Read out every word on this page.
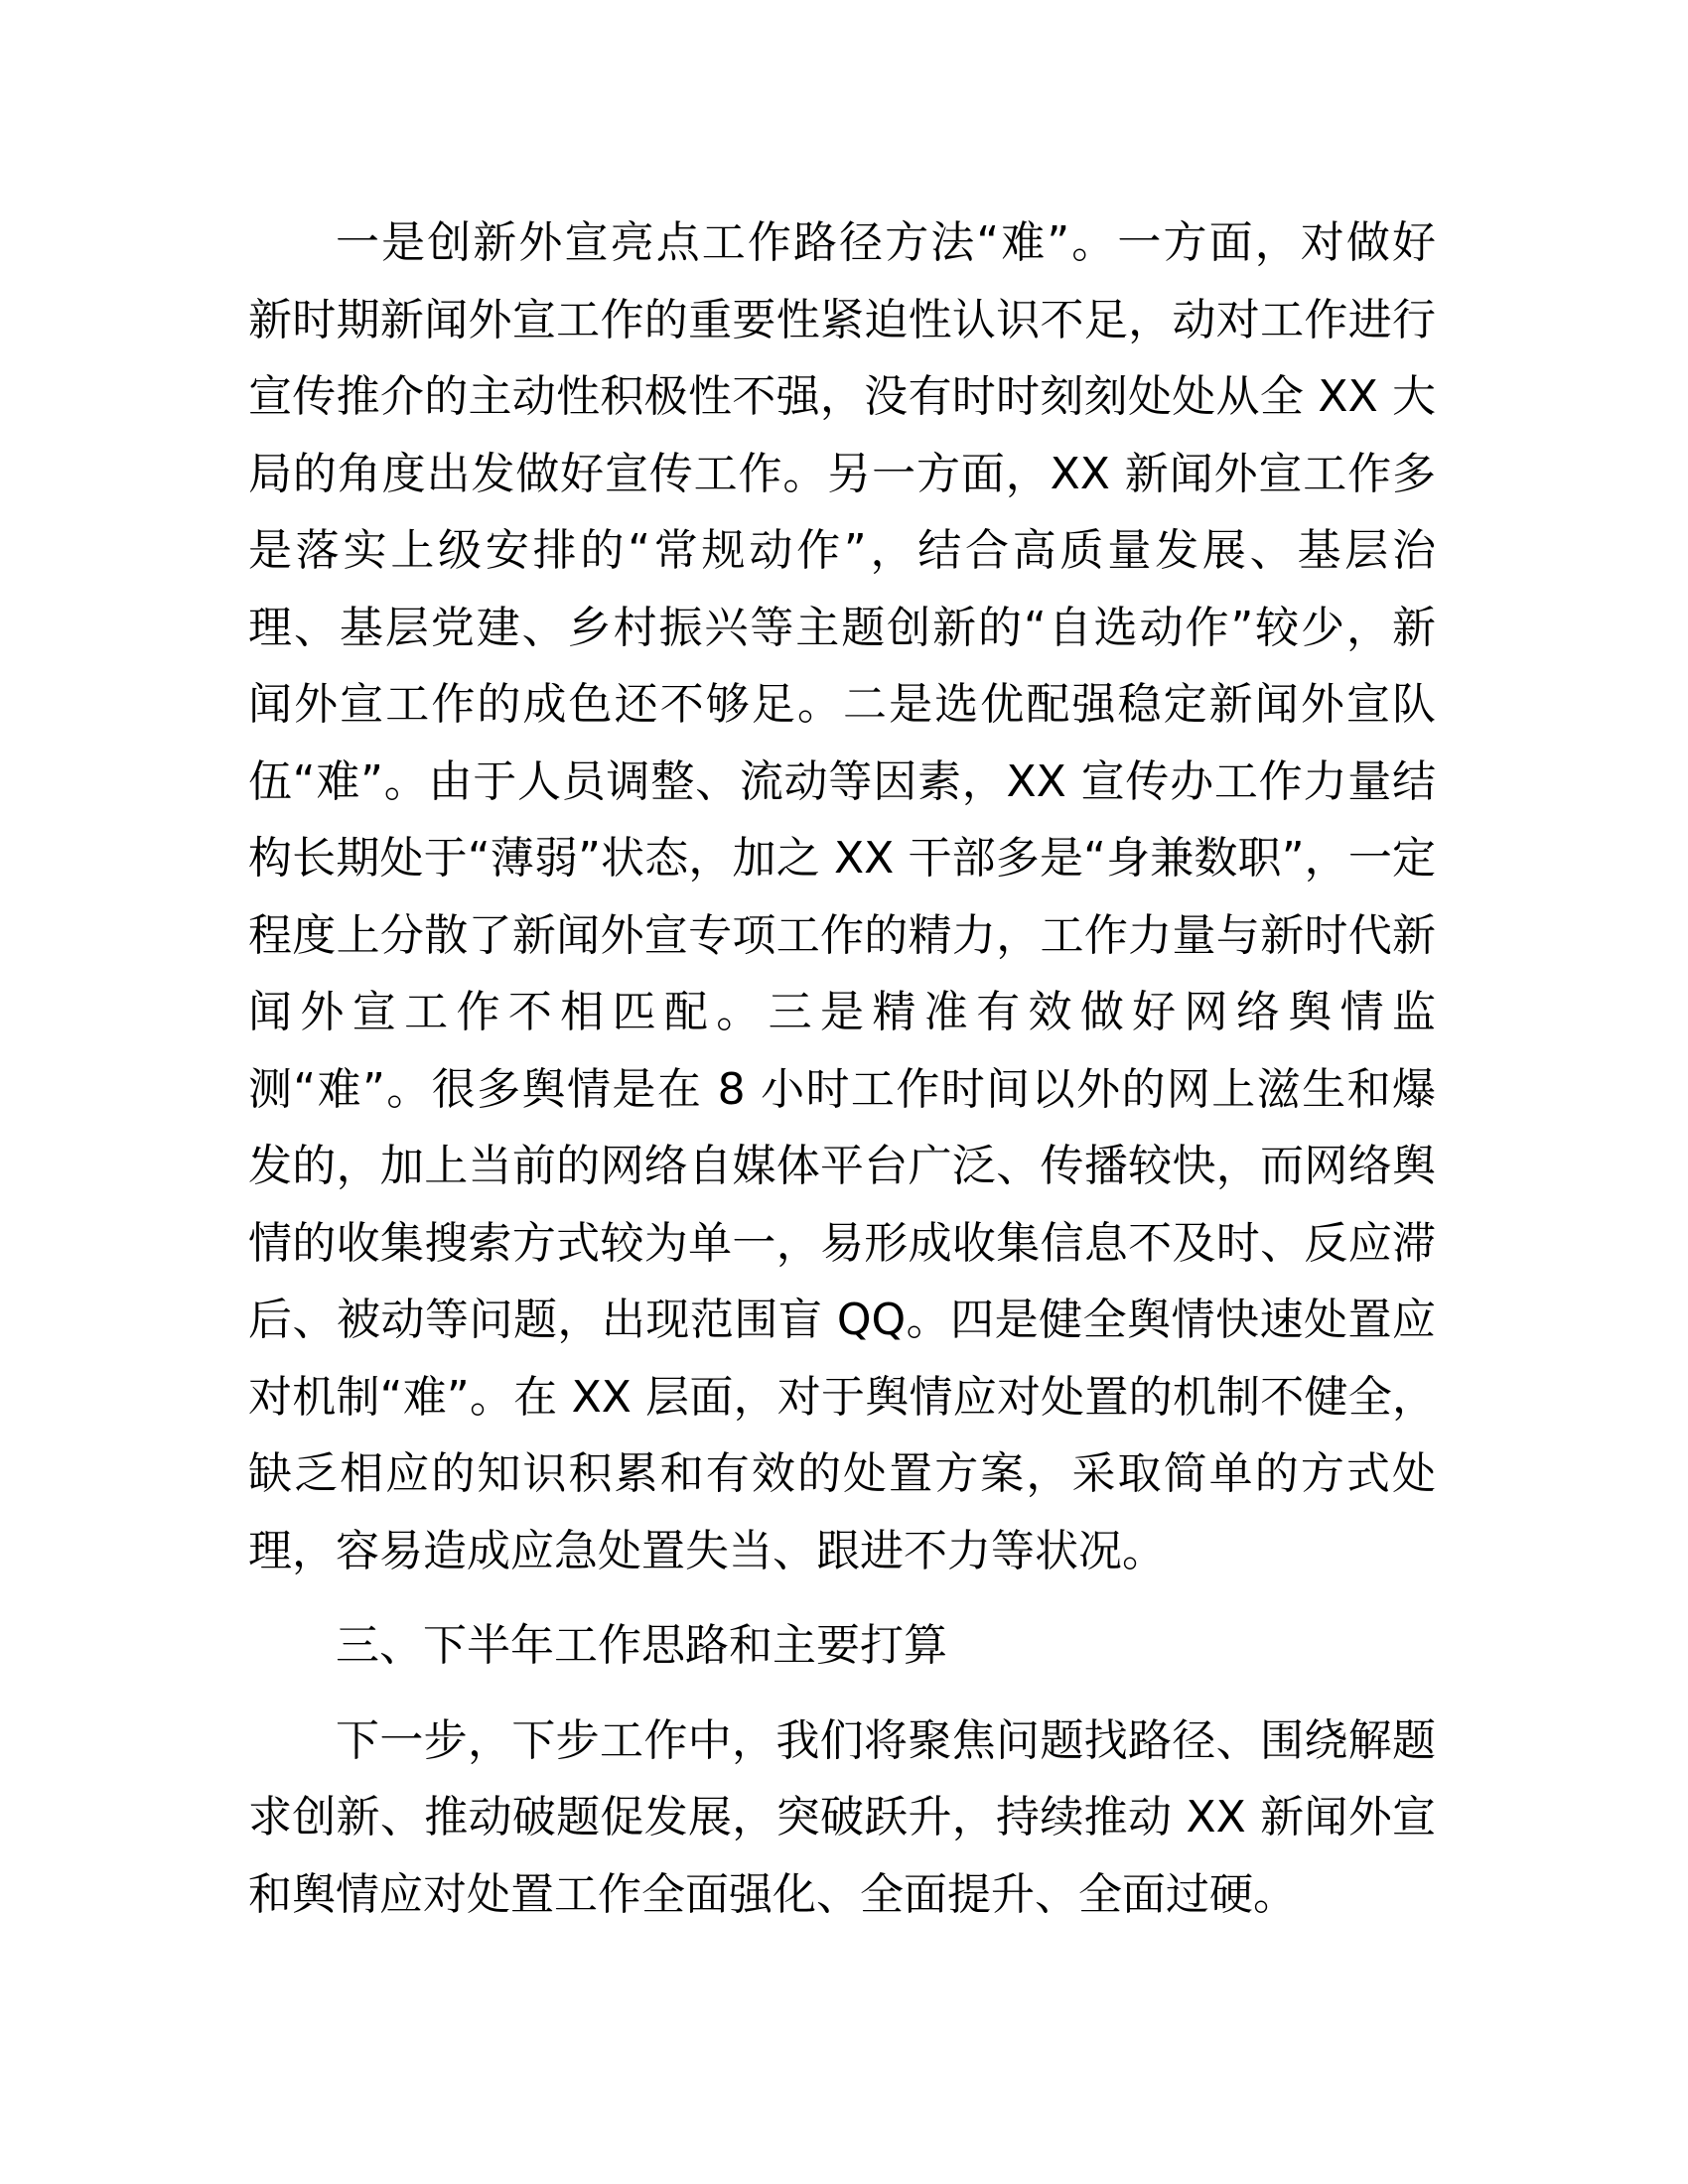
一是创新外宣亮点工作路径方法“难”。一方面，对做好
新时期新闻外宣工作的重要性紧迫性认识不足，动对工作进行
宣传推介的主动性积极性不强，没有时时刻刻处处从全 XX 大
局的角度出发做好宣传工作。另一方面，XX 新闻外宣工作多
是落实上级安排的“常规动作”，结合高质量发展、基层治
理、基层党建、乡村振兴等主题创新的“自选动作”较少，新
闻外宣工作的成色还不够足。二是选优配强稳定新闻外宣队
伍“难”。由于人员调整、流动等因素，XX 宣传办工作力量结
构长期处于“薄弱”状态，加之 XX 干部多是“身兼数职”，一定
程度上分散了新闻外宣专项工作的精力，工作力量与新时代新
闻外宣工作不相匹配。三是精准有效做好网络舆情监
测“难”。很多舆情是在 8 小时工作时间以外的网上滋生和爆
发的，加上当前的网络自媒体平台广泛、传播较快，而网络舆
情的收集搜索方式较为单一，易形成收集信息不及时、反应滞
后、被动等问题，出现范围盲 QQ。四是健全舆情快速处置应
对机制“难”。在 XX 层面，对于舆情应对处置的机制不健全，
缺乏相应的知识积累和有效的处置方案，采取简单的方式处
理，容易造成应急处置失当、跟进不力等状况。

三、下半年工作思路和主要打算

下一步，下步工作中，我们将聚焦问题找路径、围绕解题
求创新、推动破题促发展，突破跃升，持续推动 XX 新闻外宣
和舆情应对处置工作全面强化、全面提升、全面过硬。
